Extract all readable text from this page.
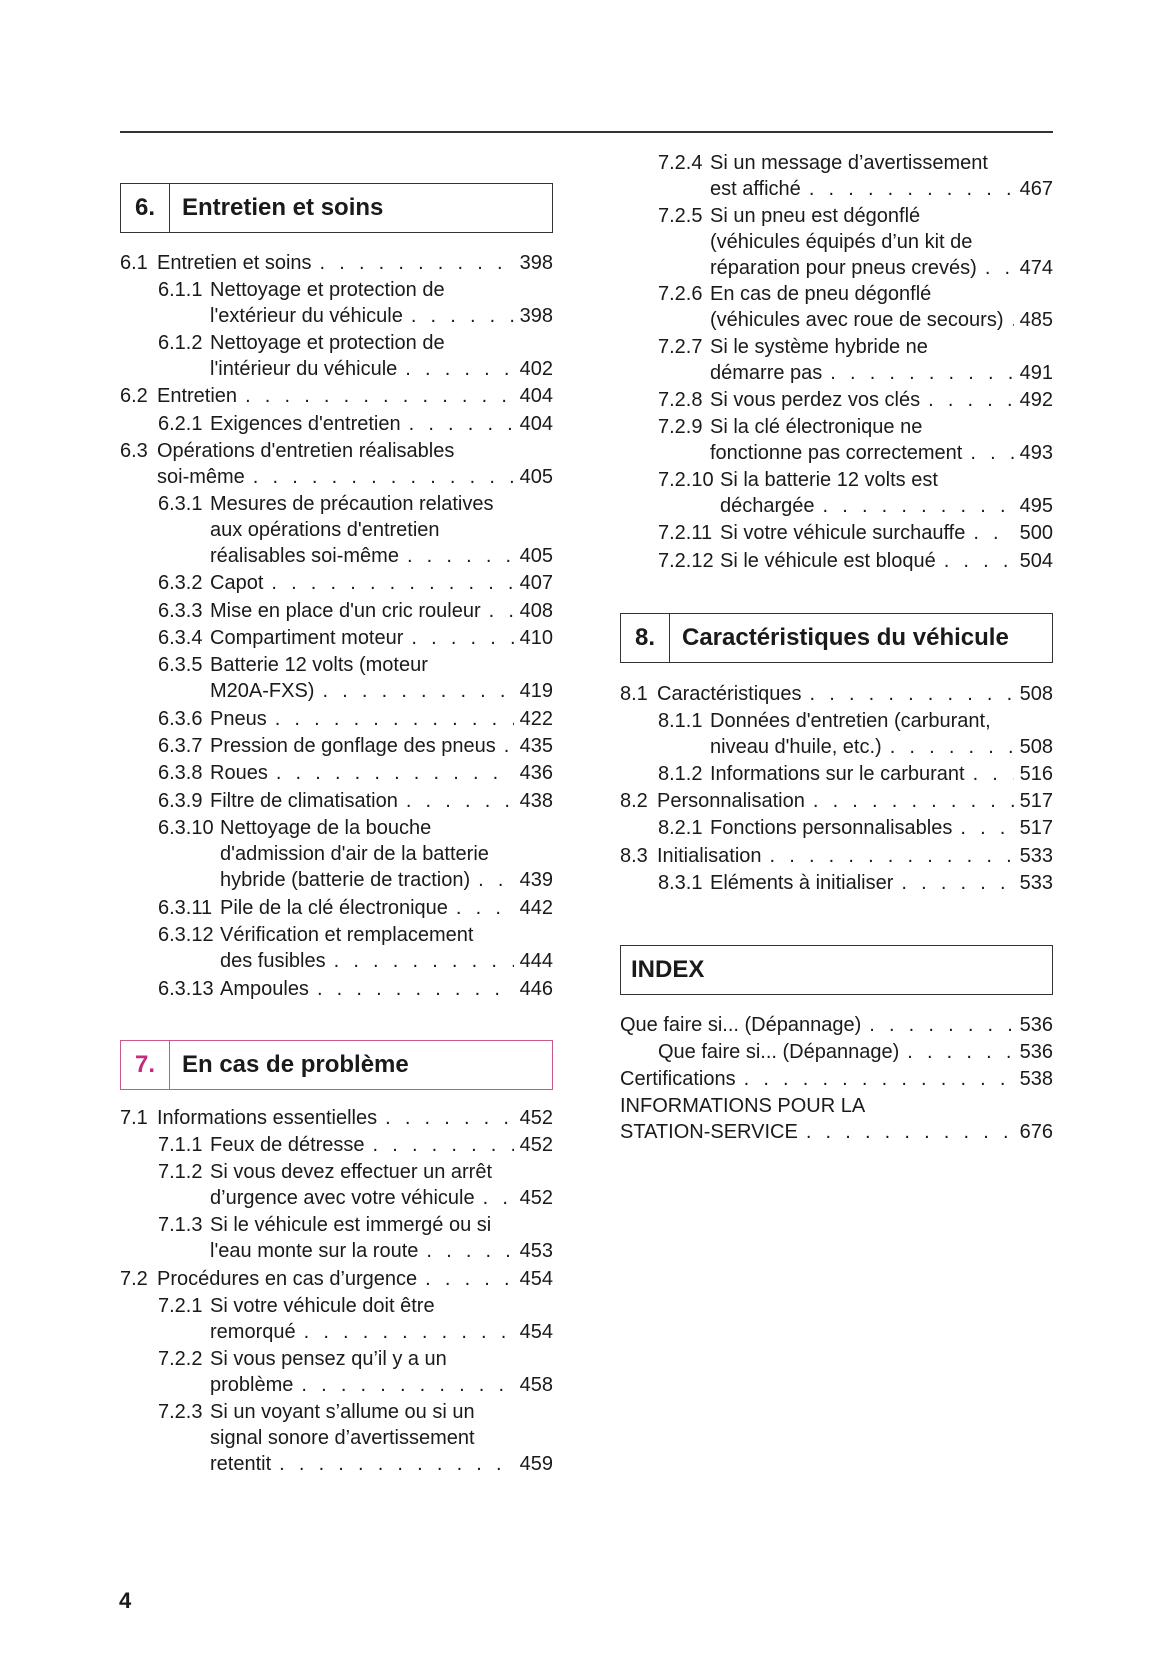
6.	Entretien et soins
7.	En cas de problème
6.1 Entretien et soins . . .	398
6.1.1 Nettoyage et protection de
l'extérieur du véhicule . . .	398
6.1.2 Nettoyage et protection de
l'intérieur du véhicule . . .	402
6.2 Entretien . . .	404
6.2.1 Exigences d'entretien . . .	404
6.3 Opérations d'entretien réalisables
soi-même . . .	405
6.3.1 Mesures de précaution relatives
aux opérations d'entretien
réalisables soi-même . . .	405
6.3.2 Capot . . .	407
6.3.3 Mise en place d'un cric rouleur . . . 408
6.3.4 Compartiment moteur . . .	410
6.3.5 Batterie 12 volts (moteur
M20A-FXS) . . .	419
6.3.6 Pneus . . .	422
6.3.7 Pression de gonflage des pneus . . . 435
6.3.8 Roues . . .	436
6.3.9 Filtre de climatisation . . .	438
6.3.10 Nettoyage de la bouche
d'admission d'air de la batterie
hybride (batterie de traction) . . . 439
6.3.11 Pile de la clé électronique . . .	442
6.3.12 Vérification et remplacement
des fusibles . . .	444
6.3.13 Ampoules . . .	446
7.1 Informations essentielles . . .	452
7.1.1 Feux de détresse . . .	452
7.1.2 Si vous devez effectuer un arrêt
d’urgence avec votre véhicule . . . 452
7.1.3 Si le véhicule est immergé ou si
l'eau monte sur la route . . .	453
7.2 Procédures en cas d’urgence . . .	454
7.2.1 Si votre véhicule doit être
remorqué . . .	454
7.2.2 Si vous pensez qu’il y a un
problème . . .	458
7.2.3 Si un voyant s’allume ou si un
signal sonore d’avertissement
retentit . . .	459
8.	Caractéristiques du véhicule
INDEX
7.2.4 Si un message d’avertissement
est affiché . . .	467
7.2.5 Si un pneu est dégonflé
(véhicules équipés d’un kit de
réparation pour pneus crevés) . . . 474
7.2.6 En cas de pneu dégonflé
(véhicules avec roue de secours) . . . 485
7.2.7 Si le système hybride ne
démarre pas . . .	491
7.2.8 Si vous perdez vos clés . . .	492
7.2.9 Si la clé électronique ne
fonctionne pas correctement . . .	493
7.2.10 Si la batterie 12 volts est
déchargée . . .	495
7.2.11 Si votre véhicule surchauffe . . .	500
7.2.12 Si le véhicule est bloqué . . .	504
8.1 Caractéristiques . . .	508
8.1.1 Données d'entretien (carburant,
niveau d'huile, etc.) . . .	508
8.1.2 Informations sur le carburant . . .	516
8.2 Personnalisation . . .	517
8.2.1 Fonctions personnalisables . . .	517
8.3 Initialisation . . .	533
8.3.1 Eléments à initialiser . . .	533
Que faire si... (Dépannage) . . .	536
Que faire si... (Dépannage) . . .	536
Certifications . . .	538
INFORMATIONS POUR LA
STATION-SERVICE . . .	676
4
